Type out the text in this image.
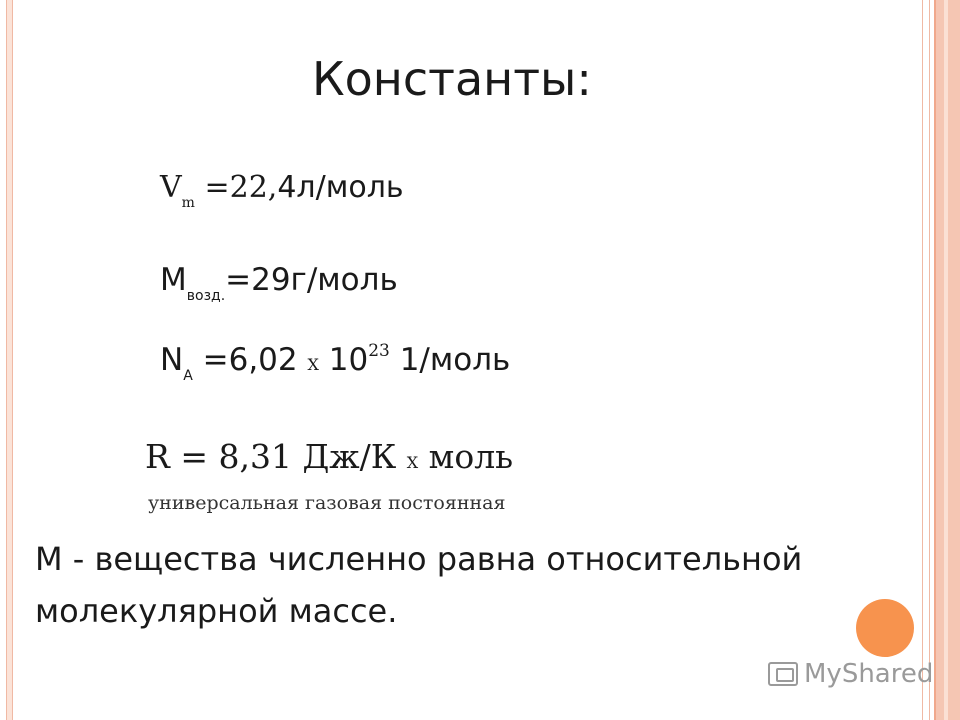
Константы:
$V_m$ =22,4л/моль
$M_{возд.}=29г$/моль
$N_A =6,02$ X $10^{23}$ 1/моль
R = 8,31 Дж/К X моль
универсальная газовая постоянная
М - вещества численно равна относительной молекулярной массе.
MyShared
